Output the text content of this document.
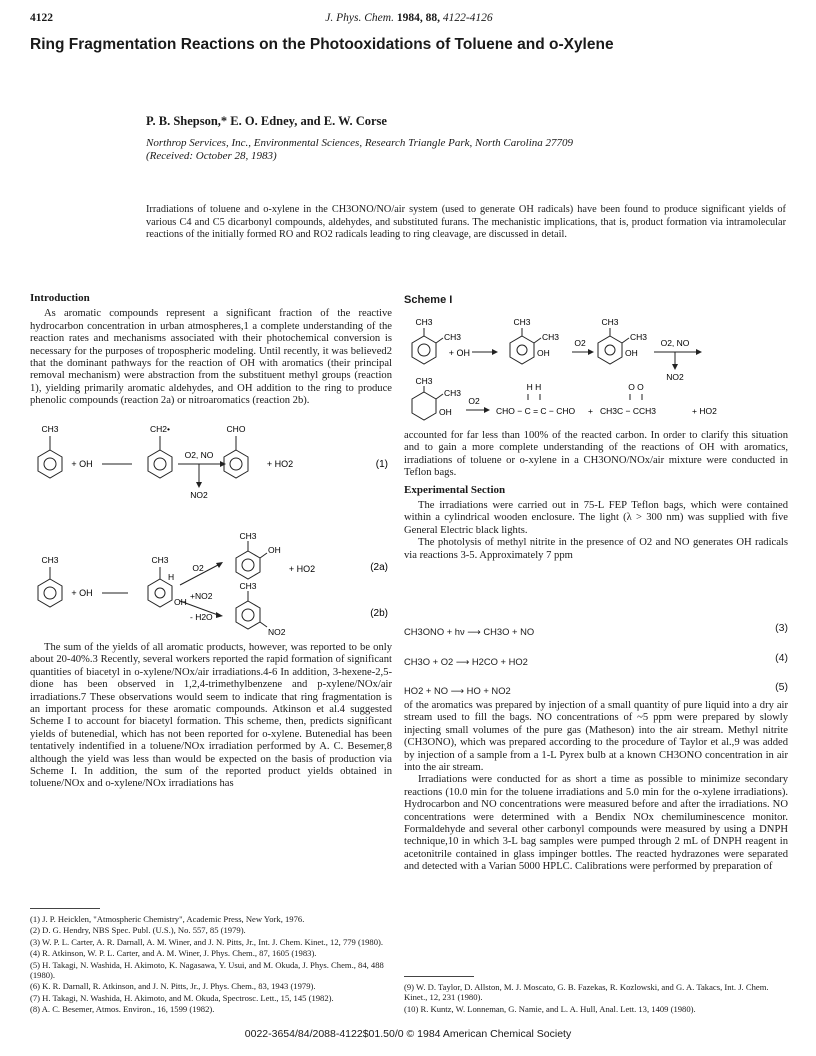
4122	J. Phys. Chem. 1984, 88, 4122-4126
Ring Fragmentation Reactions on the Photooxidations of Toluene and o-Xylene
P. B. Shepson,* E. O. Edney, and E. W. Corse
Northrop Services, Inc., Environmental Sciences, Research Triangle Park, North Carolina 27709
(Received: October 28, 1983)
Irradiations of toluene and o-xylene in the CH3ONO/NO/air system (used to generate OH radicals) have been found to produce significant yields of various C4 and C5 dicarbonyl compounds, aldehydes, and substituted furans. The mechanistic implications, that is, product formation via intramolecular reactions of the initially formed RO and RO2 radicals leading to ring cleavage, are discussed in detail.
Introduction

As aromatic compounds represent a significant fraction of the reactive hydrocarbon concentration in urban atmospheres,1 a complete understanding of the reaction rates and mechanisms associated with their photochemical conversion is necessary for the purposes of tropospheric modeling. Until recently, it was believed2 that the dominant pathways for the reaction of OH with aromatics (their principal removal mechanism) were abstraction from the substituent methyl groups (reaction 1), yielding primarily aromatic aldehydes, and OH addition to the ring to produce phenolic compounds (reaction 2a) or nitroaromatics (reaction 2b).

CH3
+ OH
CH2•
O2, NO
NO2
CHO
+ HO2	(1)
CH3
+ OH
CH3
H
OH
O2
+NO2
- H2O
CH3
OH
+ HO2
CH3
NO2
(2a)
(2b)

The sum of the yields of all aromatic products, however, was reported to be only about 20-40%.3 Recently, several workers reported the rapid formation of significant quantities of biacetyl in o-xylene/NOx/air irradiations.4-6 In addition, 3-hexene-2,5-dione has been observed in 1,2,4-trimethylbenzene and p-xylene/NOx/air irradiations.7 These observations would seem to indicate that ring fragmentation is an important process for these aromatic compounds. Atkinson et al.4 suggested Scheme I to account for biacetyl formation. This scheme, then, predicts significant yields of butenedial, which has not been reported for o-xylene. Butenedial has been tentatively indentified in a toluene/NOx irradiation performed by A. C. Besemer,8 although the yield was less than would be expected on the basis of production via Scheme I. In addition, the sum of the reported product yields obtained in toluene/NOx and o-xylene/NOx irradiations has

(1) J. P. Heicklen, "Atmospheric Chemistry", Academic Press, New York, 1976.
(2) D. G. Hendry, NBS Spec. Publ. (U.S.), No. 557, 85 (1979).
(3) W. P. L. Carter, A. R. Darnall, A. M. Winer, and J. N. Pitts, Jr., Int. J. Chem. Kinet., 12, 779 (1980).
(4) R. Atkinson, W. P. L. Carter, and A. M. Winer, J. Phys. Chem., 87, 1605 (1983).
(5) H. Takagi, N. Washida, H. Akimoto, K. Nagasawa, Y. Usui, and M. Okuda, J. Phys. Chem., 84, 488 (1980).
(6) K. R. Darnall, R. Atkinson, and J. N. Pitts, Jr., J. Phys. Chem., 83, 1943 (1979).
(7) H. Takagi, N. Washida, H. Akimoto, and M. Okuda, Spectrosc. Lett., 15, 145 (1982).
(8) A. C. Besemer, Atmos. Environ., 16, 1599 (1982).
Scheme I
CH3
CH3
+ OH
CH3
CH3
OH
O2
CH3
CH3
OH
O2, NO
NO2
CH3
CH3
OH
O2
H H
CHO − C = C − CHO +
O O
CH3C − CCH3	+ HO2

accounted for far less than 100% of the reacted carbon. In order to clarify this situation and to gain a more complete understanding of the reactions of OH with aromatics, irradiations of toluene or o-xylene in a CH3ONO/NOx/air mixture were conducted in Teflon bags.

Experimental Section

The irradiations were carried out in 75-L FEP Teflon bags, which were contained within a cylindrical wooden enclosure. The light (λ > 300 nm) was supplied with five General Electric black lights.

The photolysis of methyl nitrite in the presence of O2 and NO generates OH radicals via reactions 3-5. Approximately 7 ppm

CH3ONO + hν ⟶ CH3O + NO	(3)
CH3O + O2 ⟶ H2CO + HO2	(4)
HO2 + NO ⟶ HO + NO2	(5)

of the aromatics was prepared by injection of a small quantity of pure liquid into a dry air stream used to fill the bags. NO concentrations of ~5 ppm were prepared by slowly injecting small volumes of the pure gas (Matheson) into the air stream. Methyl nitrite (CH3ONO), which was prepared according to the procedure of Taylor et al.,9 was added by injection of a sample from a 1-L Pyrex bulb at a known CH3ONO concentration in air into the air stream.

Irradiations were conducted for as short a time as possible to minimize secondary reactions (10.0 min for the toluene irradiations and 5.0 min for the o-xylene irradiations). Hydrocarbon and NO concentrations were measured before and after the irradiations. NO concentrations were determined with a Bendix NOx chemiluminescence monitor. Formaldehyde and several other carbonyl compounds were measured by using a DNPH technique,10 in which 3-L bag samples were pumped through 2 mL of DNPH reagent in acetonitrile contained in glass impinger bottles. The reacted hydrazones were separated and detected with a Varian 5000 HPLC. Calibrations were performed by preparation of

(9) W. D. Taylor, D. Allston, M. J. Moscato, G. B. Fazekas, R. Kozlowski, and G. A. Takacs, Int. J. Chem. Kinet., 12, 231 (1980).
(10) R. Kuntz, W. Lonneman, G. Namie, and L. A. Hull, Anal. Lett. 13, 1409 (1980).
0022-3654/84/2088-4122$01.50/0 © 1984 American Chemical Society
